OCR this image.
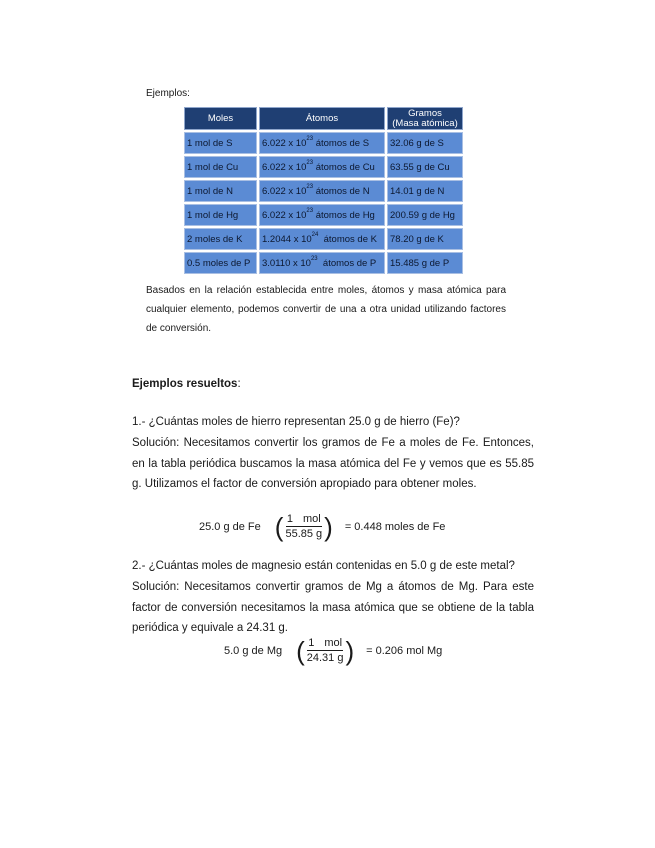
Ejemplos:
Moles	Átomos	Gramos
(Masa atómica)

1 mol de S	6.022 x $10^{23}$ átomos de S	32.06 g de S
1 mol de Cu	6.022 x $10^{23}$ átomos de Cu	63.55 g de Cu
1 mol de N	6.022 x $10^{23}$ átomos de N	14.01 g de N
1 mol de Hg	6.022 x $10^{23}$ átomos de Hg	200.59 g de Hg
2 moles de K	1.2044 x $10^{24}$  átomos de K	78.20 g de K
0.5 moles de P	3.0110 x $10^{23}$  átomos de P	15.485 g de P
Basados en la relación establecida entre moles, átomos y masa atómica para cualquier elemento, podemos convertir de una a otra unidad utilizando factores de conversión.
Ejemplos resueltos:
1.- ¿Cuántas moles de hierro representan 25.0 g de hierro (Fe)?
Solución: Necesitamos convertir los gramos de Fe a moles de Fe. Entonces, en la tabla periódica buscamos la masa atómica del Fe y vemos que es 55.85 g. Utilizamos el factor de conversión apropiado para obtener moles.
25.0 g de Fe ( $\frac{\text{1 mol}}{55.85 g}$ ) = 0.448 moles de Fe
2.- ¿Cuántas moles de magnesio están contenidas en 5.0 g de este metal?
Solución: Necesitamos convertir gramos de Mg a átomos de Mg. Para este factor de conversión necesitamos la masa atómica que se obtiene de la tabla periódica y equivale a 24.31 g.
5.0 g de Mg ( $\frac{\text{1 mol}}{24.31 g}$ ) = 0.206 mol Mg
